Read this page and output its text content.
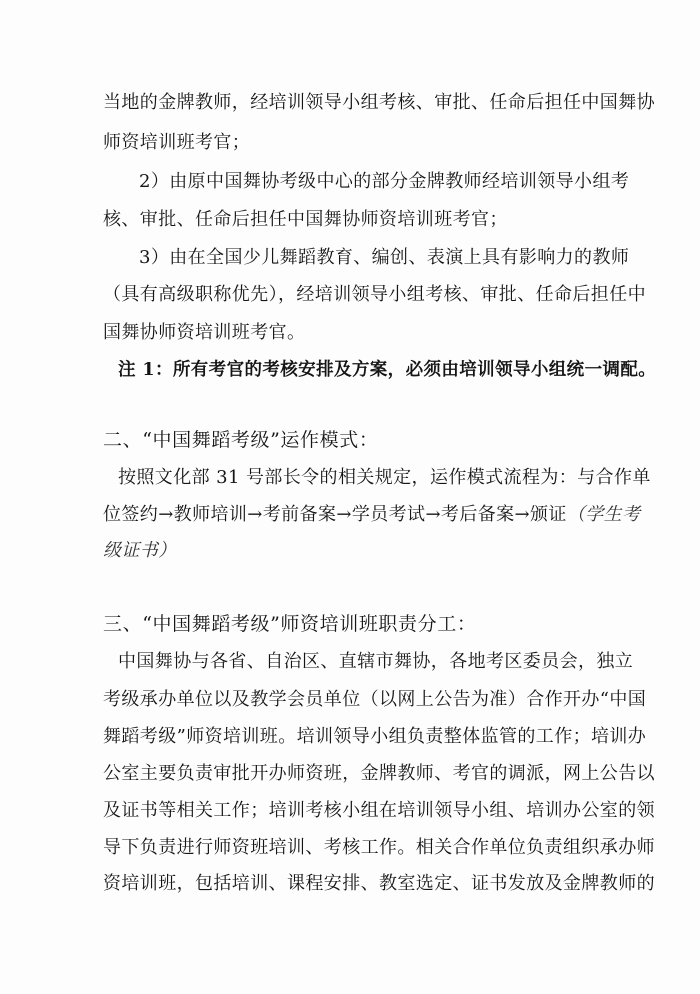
当地的金牌教师，经培训领导小组考核、审批、任命后担任中国舞协
师资培训班考官；
2）由原中国舞协考级中心的部分金牌教师经培训领导小组考
核、审批、任命后担任中国舞协师资培训班考官；
3）由在全国少儿舞蹈教育、编创、表演上具有影响力的教师
（具有高级职称优先），经培训领导小组考核、审批、任命后担任中
国舞协师资培训班考官。
注 1：所有考官的考核安排及方案，必须由培训领导小组统一调配。
二、“中国舞蹈考级”运作模式：
按照文化部 31 号部长令的相关规定，运作模式流程为：与合作单
位签约→教师培训→考前备案→学员考试→考后备案→颁证（学生考
级证书）
三、“中国舞蹈考级”师资培训班职责分工：
中国舞协与各省、自治区、直辖市舞协，各地考区委员会，独立
考级承办单位以及教学会员单位（以网上公告为准）合作开办“中国
舞蹈考级”师资培训班。培训领导小组负责整体监管的工作；培训办
公室主要负责审批开办师资班，金牌教师、考官的调派，网上公告以
及证书等相关工作；培训考核小组在培训领导小组、培训办公室的领
导下负责进行师资班培训、考核工作。相关合作单位负责组织承办师
资培训班，包括培训、课程安排、教室选定、证书发放及金牌教师的
